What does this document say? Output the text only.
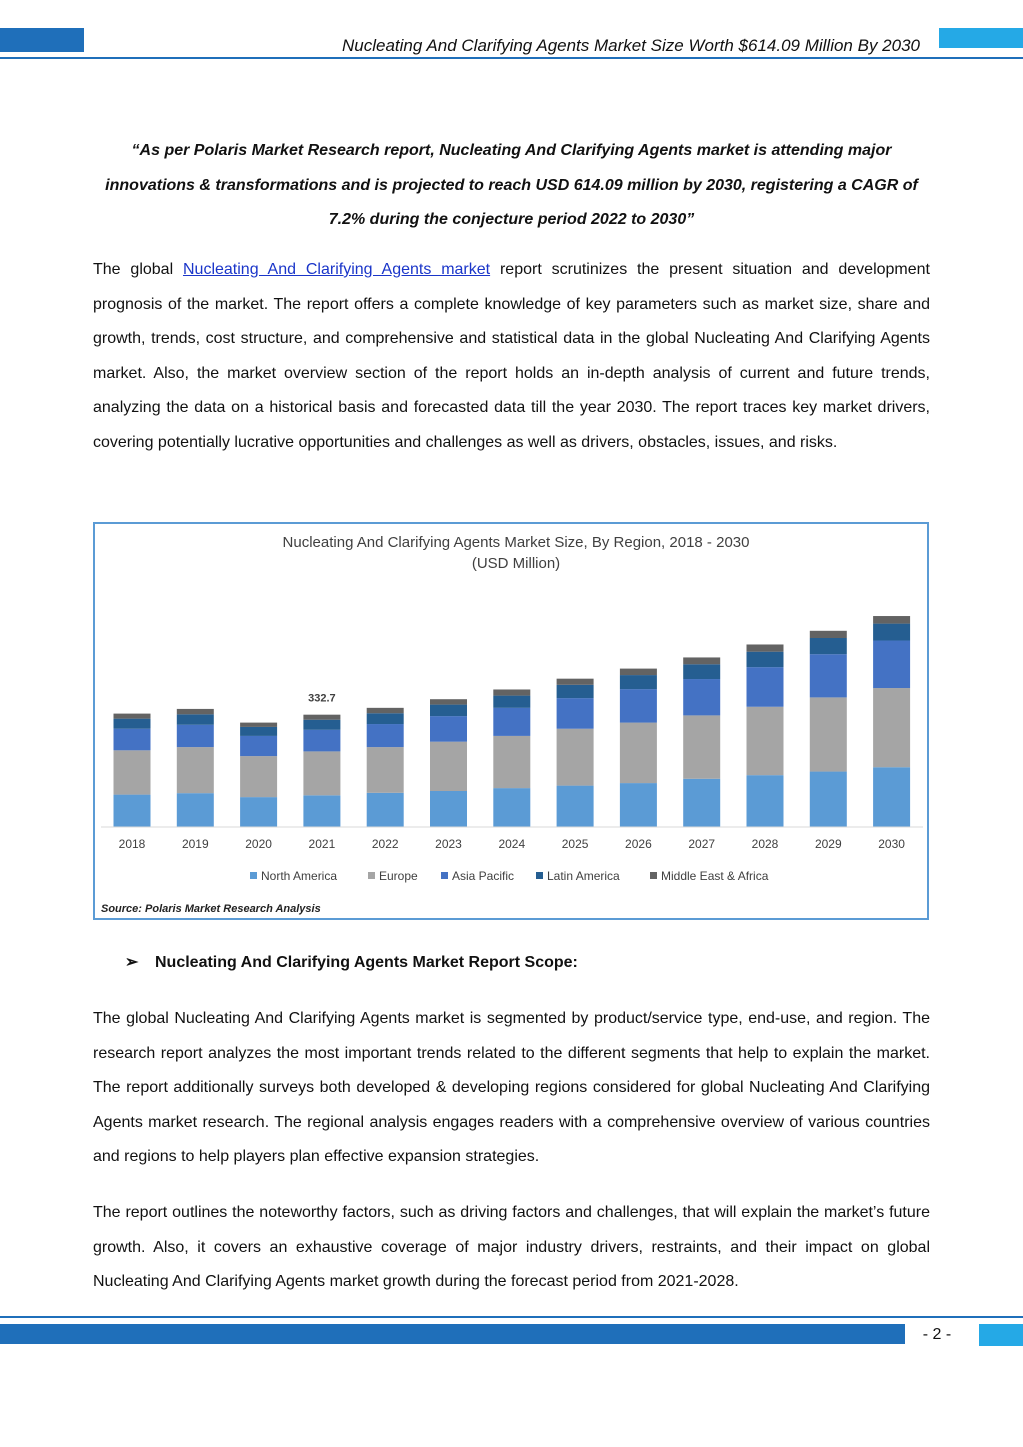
Nucleating And Clarifying Agents Market Size Worth $614.09 Million By 2030
“As per Polaris Market Research report, Nucleating And Clarifying Agents market is attending major innovations & transformations and is projected to reach USD 614.09 million by 2030, registering a CAGR of 7.2% during the conjecture period 2022 to 2030”

The global Nucleating And Clarifying Agents market report scrutinizes the present situation and development prognosis of the market. The report offers a complete knowledge of key parameters such as market size, share and growth, trends, cost structure, and comprehensive and statistical data in the global Nucleating And Clarifying Agents market. Also, the market overview section of the report holds an in-depth analysis of current and future trends, analyzing the data on a historical basis and forecasted data till the year 2030. The report traces key market drivers, covering potentially lucrative opportunities and challenges as well as drivers, obstacles, issues, and risks.

Nucleating And Clarifying Agents Market Size, By Region, 2018 - 2030
(USD Million)
2018	2019	2020	2021	2022	2023	2024	2025	2026	2027	2028	2029	2030
332.7
North America	Europe	Asia Pacific	Latin America	Middle East & Africa
Source: Polaris Market Research Analysis
➢ Nucleating And Clarifying Agents Market Report Scope:

The global Nucleating And Clarifying Agents market is segmented by product/service type, end-use, and region. The research report analyzes the most important trends related to the different segments that help to explain the market. The report additionally surveys both developed & developing regions considered for global Nucleating And Clarifying Agents market research. The regional analysis engages readers with a comprehensive overview of various countries and regions to help players plan effective expansion strategies.

The report outlines the noteworthy factors, such as driving factors and challenges, that will explain the market’s future growth. Also, it covers an exhaustive coverage of major industry drivers, restraints, and their impact on global Nucleating And Clarifying Agents market growth during the forecast period from 2021-2028.

- 2 -
